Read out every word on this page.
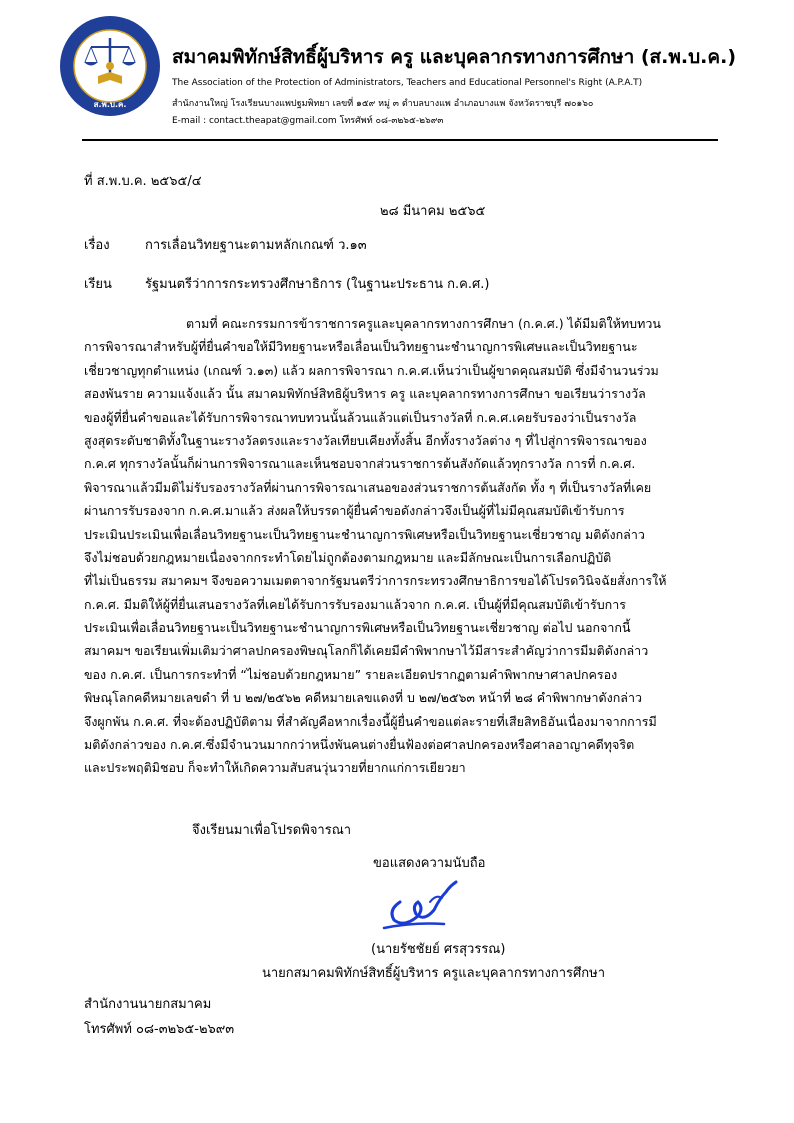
ส.พ.บ.ค.
สมาคมพิทักษ์สิทธิ์ผู้บริหาร ครู และบุคลากรทางการศึกษา (ส.พ.บ.ค.)
The Association of the Protection of Administrators, Teachers and Educational Personnel's Right (A.P.A.T)
สำนักงานใหญ่ โรงเรียนบางแพปฐมพิทยา เลขที่ ๑๕๙ หมู่ ๓ ตำบลบางแพ อำเภอบางแพ จังหวัดราชบุรี ๗๐๑๖๐
E-mail : contact.theapat@gmail.com โทรศัพท์ ๐๘-๓๒๖๕-๒๖๙๓
ที่ ส.พ.บ.ค. ๒๕๖๕/๔
๒๘ มีนาคม ๒๕๖๕
เรื่อง	การเลื่อนวิทยฐานะตามหลักเกณฑ์ ว.๑๓
เรียน	รัฐมนตรีว่าการกระทรวงศึกษาธิการ (ในฐานะประธาน ก.ค.ศ.)
ตามที่ คณะกรรมการข้าราชการครูและบุคลากรทางการศึกษา (ก.ค.ศ.) ได้มีมติให้ทบทวน
การพิจารณาสำหรับผู้ที่ยื่นคำขอให้มีวิทยฐานะหรือเลื่อนเป็นวิทยฐานะชำนาญการพิเศษและเป็นวิทยฐานะ
เชี่ยวชาญทุกตำแหน่ง (เกณฑ์ ว.๑๓) แล้ว ผลการพิจารณา ก.ค.ศ.เห็นว่าเป็นผู้ขาดคุณสมบัติ ซึ่งมีจำนวนร่วม
สองพันราย ความแจ้งแล้ว นั้น สมาคมพิทักษ์สิทธิผู้บริหาร ครู และบุคลากรทางการศึกษา ขอเรียนว่ารางวัล
ของผู้ที่ยื่นคำขอและได้รับการพิจารณาทบทวนนั้นล้วนแล้วแต่เป็นรางวัลที่ ก.ค.ศ.เคยรับรองว่าเป็นรางวัล
สูงสุดระดับชาติทั้งในฐานะรางวัลตรงและรางวัลเทียบเคียงทั้งสิ้น อีกทั้งรางวัลต่าง ๆ ที่ไปสู่การพิจารณาของ
ก.ค.ศ ทุกรางวัลนั้นก็ผ่านการพิจารณาและเห็นชอบจากส่วนราชการต้นสังกัดแล้วทุกรางวัล การที่ ก.ค.ศ.
พิจารณาแล้วมีมติไม่รับรองรางวัลที่ผ่านการพิจารณาเสนอของส่วนราชการต้นสังกัด ทั้ง ๆ ที่เป็นรางวัลที่เคย
ผ่านการรับรองจาก ก.ค.ศ.มาแล้ว ส่งผลให้บรรดาผู้ยื่นคำขอดังกล่าวจึงเป็นผู้ที่ไม่มีคุณสมบัติเข้ารับการ
ประเมินประเมินเพื่อเลื่อนวิทยฐานะเป็นวิทยฐานะชำนาญการพิเศษหรือเป็นวิทยฐานะเชี่ยวชาญ มติดังกล่าว
จึงไม่ชอบด้วยกฎหมายเนื่องจากกระทำโดยไม่ถูกต้องตามกฎหมาย และมีลักษณะเป็นการเลือกปฏิบัติ
ที่ไม่เป็นธรรม สมาคมฯ จึงขอความเมตตาจากรัฐมนตรีว่าการกระทรวงศึกษาธิการขอได้โปรดวินิจฉัยสั่งการให้
ก.ค.ศ. มีมติให้ผู้ที่ยื่นเสนอรางวัลที่เคยได้รับการรับรองมาแล้วจาก ก.ค.ศ. เป็นผู้ที่มีคุณสมบัติเข้ารับการ
ประเมินเพื่อเลื่อนวิทยฐานะเป็นวิทยฐานะชำนาญการพิเศษหรือเป็นวิทยฐานะเชี่ยวชาญ ต่อไป นอกจากนี้
สมาคมฯ ขอเรียนเพิ่มเติมว่าศาลปกครองพิษณุโลกก็ได้เคยมีคำพิพากษาไว้มีสาระสำคัญว่าการมีมติดังกล่าว
ของ ก.ค.ศ. เป็นการกระทำที่ “ไม่ชอบด้วยกฎหมาย” รายละเอียดปรากฏตามคำพิพากษาศาลปกครอง
พิษณุโลกคดีหมายเลขดำ ที่ บ ๒๗/๒๕๖๒ คดีหมายเลขแดงที่ บ ๒๗/๒๕๖๓ หน้าที่ ๒๘ คำพิพากษาดังกล่าว
จึงผูกพัน ก.ค.ศ. ที่จะต้องปฏิบัติตาม ที่สำคัญคือหากเรื่องนี้ผู้ยื่นคำขอแต่ละรายที่เสียสิทธิอันเนื่องมาจากการมี
มติดังกล่าวของ ก.ค.ศ.ซึ่งมีจำนวนมากกว่าหนึ่งพันคนต่างยื่นฟ้องต่อศาลปกครองหรือศาลอาญาคดีทุจริต
และประพฤติมิชอบ ก็จะทำให้เกิดความสับสนวุ่นวายที่ยากแก่การเยียวยา
จึงเรียนมาเพื่อโปรดพิจารณา
ขอแสดงความนับถือ
(นายรัชชัยย์ ศรสุวรรณ)
นายกสมาคมพิทักษ์สิทธิ์ผู้บริหาร ครูและบุคลากรทางการศึกษา
สำนักงานนายกสมาคม
โทรศัพท์ ๐๘-๓๒๖๕-๒๖๙๓
